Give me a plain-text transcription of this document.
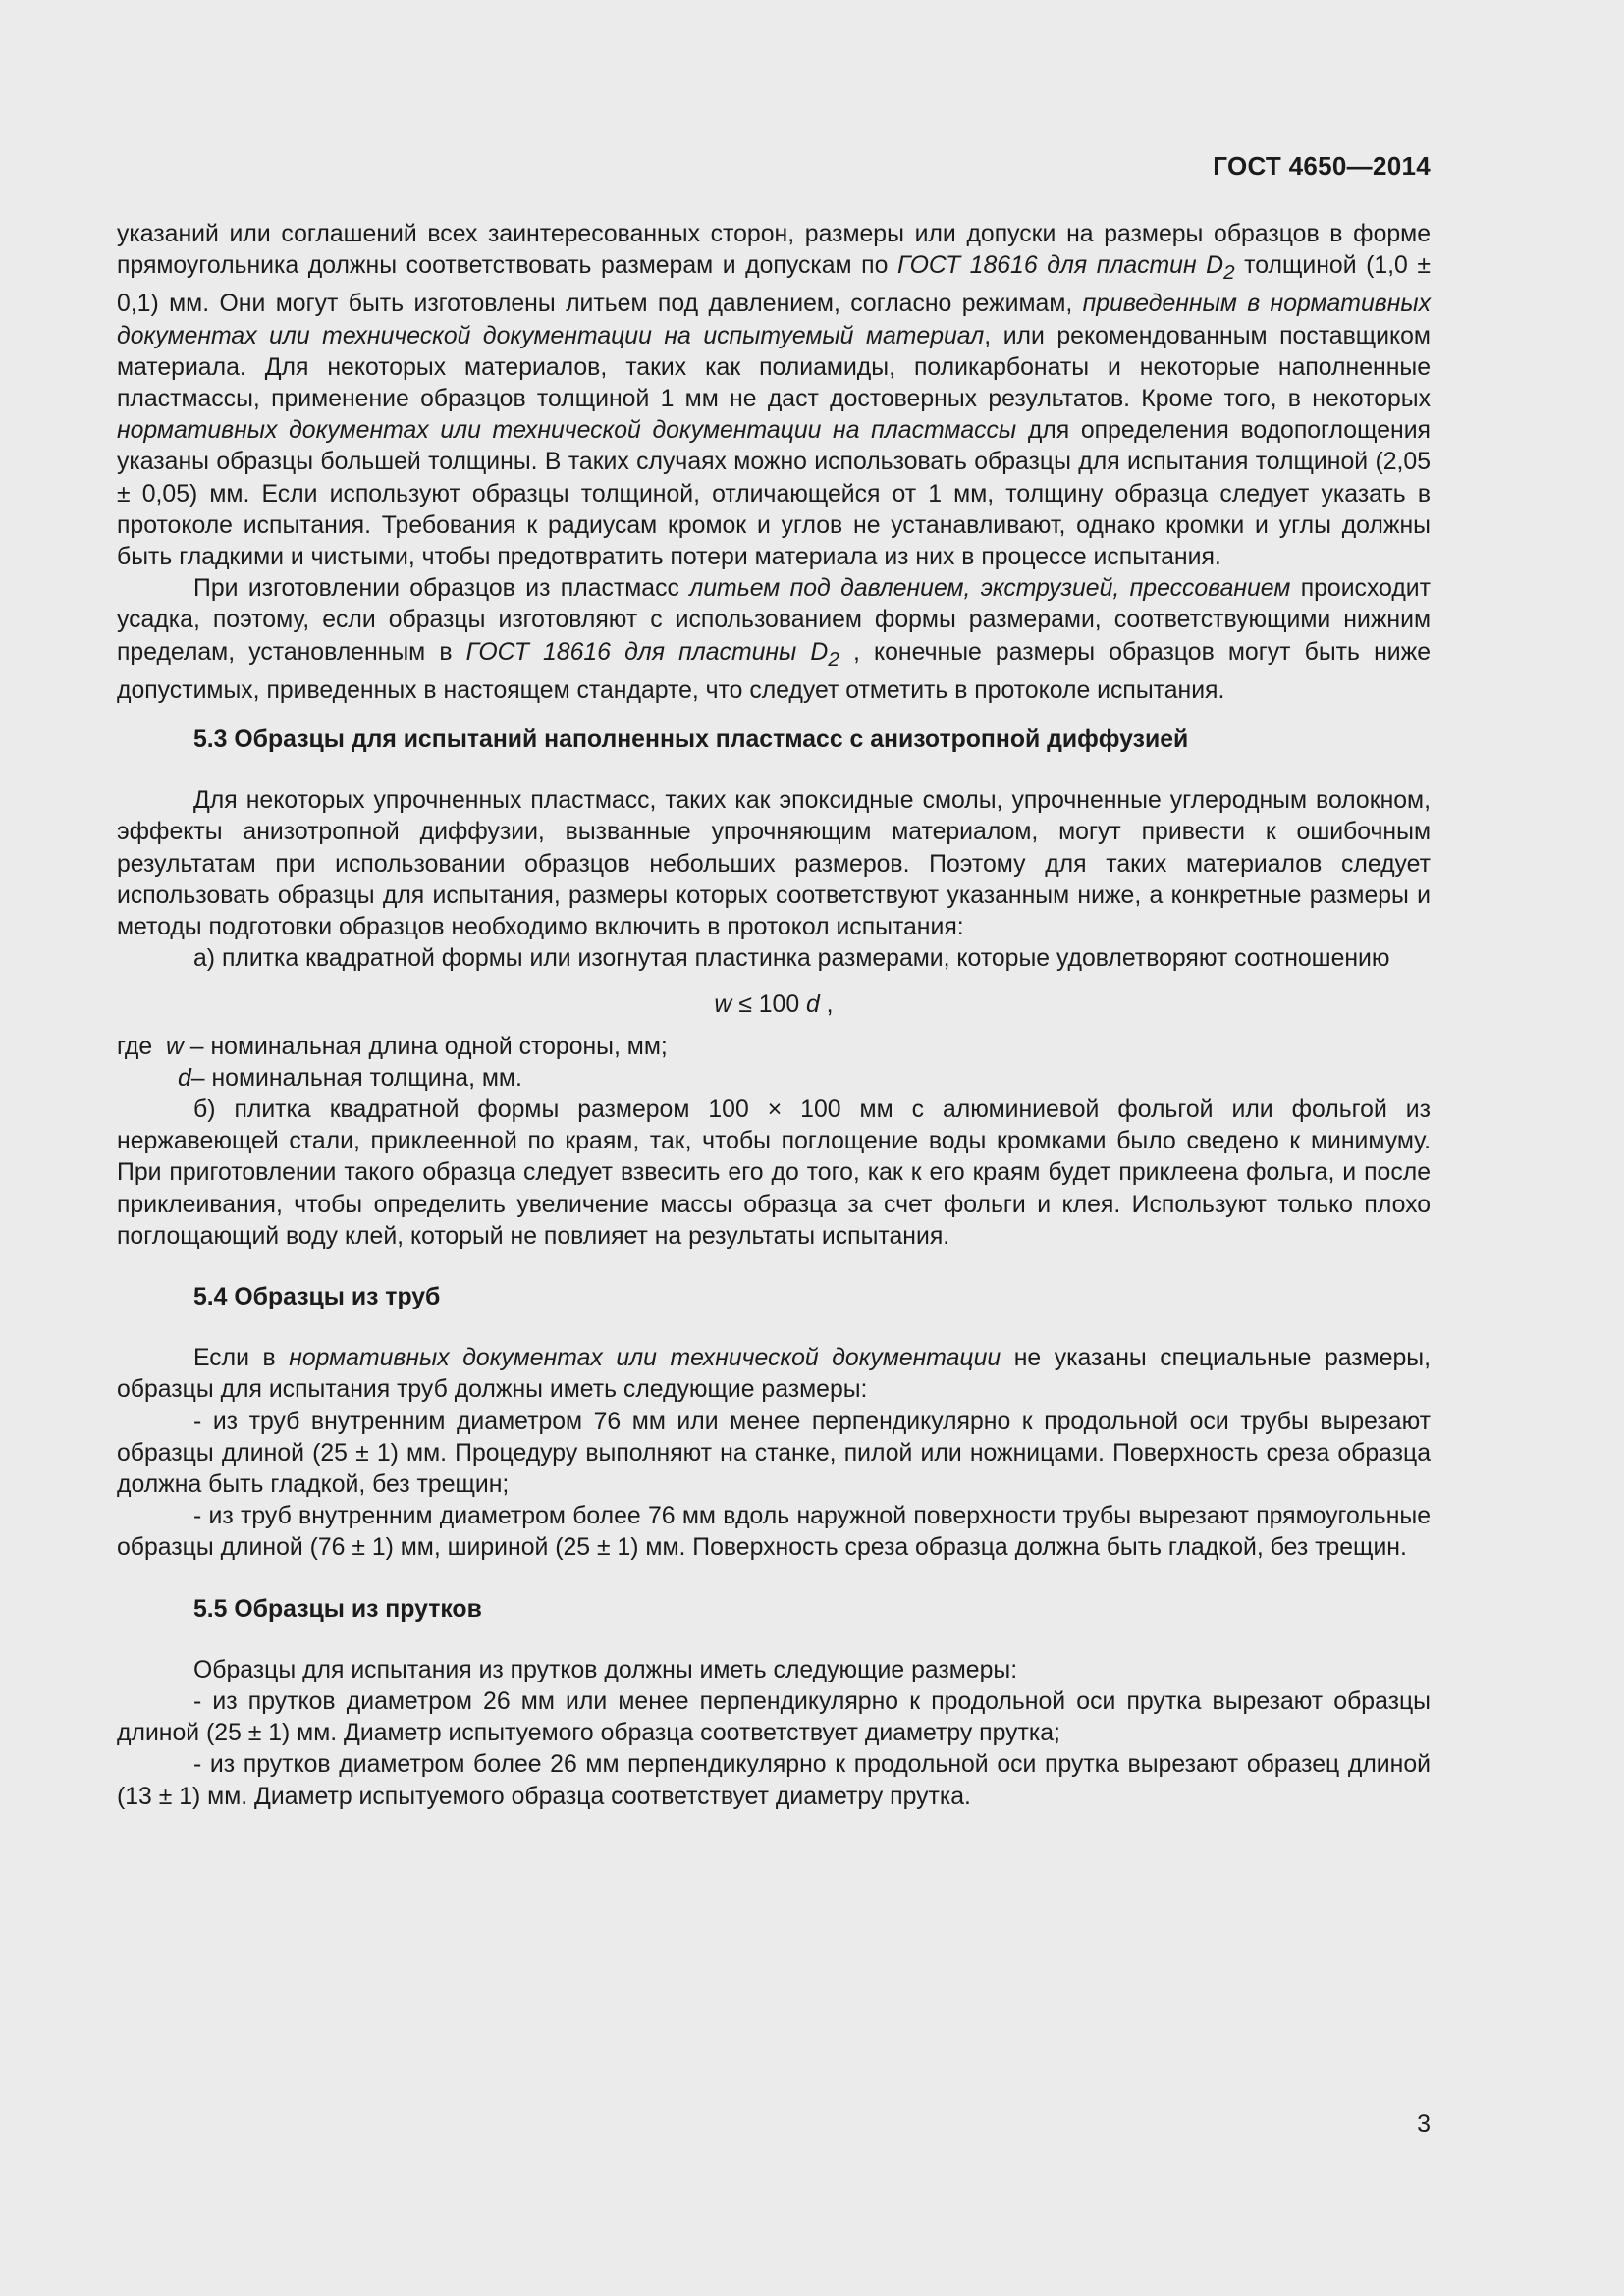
ГОСТ 4650—2014

указаний или соглашений всех заинтересованных сторон, размеры или допуски на размеры образцов в форме прямоугольника должны соответствовать размерам и допускам по ГОСТ 18616 для пластин $D_2$ толщиной (1,0 ± 0,1) мм. Они могут быть изготовлены литьем под давлением, согласно режимам, приведенным в нормативных документах или технической документации на испытуемый материал, или рекомендованным поставщиком материала. Для некоторых материалов, таких как полиамиды, поликарбонаты и некоторые наполненные пластмассы, применение образцов толщиной 1 мм не даст достоверных результатов. Кроме того, в некоторых нормативных документах или технической документации на пластмассы для определения водопоглощения указаны образцы большей толщины. В таких случаях можно использовать образцы для испытания толщиной (2,05 ± 0,05) мм. Если используют образцы толщиной, отличающейся от 1 мм, толщину образца следует указать в протоколе испытания. Требования к радиусам кромок и углов не устанавливают, однако кромки и углы должны быть гладкими и чистыми, чтобы предотвратить потери материала из них в процессе испытания.

При изготовлении образцов из пластмасс литьем под давлением, экструзией, прессованием происходит усадка, поэтому, если образцы изготовляют с использованием формы размерами, соответствующими нижним пределам, установленным в ГОСТ 18616 для пластины $D_2$ , конечные размеры образцов могут быть ниже допустимых, приведенных в настоящем стандарте, что следует отметить в протоколе испытания.

5.3 Образцы для испытаний наполненных пластмасс с анизотропной диффузией

Для некоторых упрочненных пластмасс, таких как эпоксидные смолы, упрочненные углеродным волокном, эффекты анизотропной диффузии, вызванные упрочняющим материалом, могут привести к ошибочным результатам при использовании образцов небольших размеров. Поэтому для таких материалов следует использовать образцы для испытания, размеры которых соответствуют указанным ниже, а конкретные размеры и методы подготовки образцов необходимо включить в протокол испытания:

а) плитка квадратной формы или изогнутая пластинка размерами, которые удовлетворяют соотношению

w ≤ 100 d ,

где  w – номинальная длина одной стороны, мм;

d– номинальная толщина, мм.

б) плитка квадратной формы размером 100 × 100 мм с алюминиевой фольгой или фольгой из нержавеющей стали, приклеенной по краям, так, чтобы поглощение воды кромками было сведено к минимуму. При приготовлении такого образца следует взвесить его до того, как к его краям будет приклеена фольга, и после приклеивания, чтобы определить увеличение массы образца за счет фольги и клея. Используют только плохо поглощающий воду клей, который не повлияет на результаты испытания.

5.4 Образцы из труб

Если в нормативных документах или технической документации не указаны специальные размеры, образцы для испытания труб должны иметь следующие размеры:

- из труб внутренним диаметром 76 мм или менее перпендикулярно к продольной оси трубы вырезают образцы длиной (25 ± 1) мм. Процедуру выполняют на станке, пилой или ножницами. Поверхность среза образца должна быть гладкой, без трещин;

- из труб внутренним диаметром более 76 мм вдоль наружной поверхности трубы вырезают прямоугольные образцы длиной (76 ± 1) мм, шириной (25 ± 1) мм. Поверхность среза образца должна быть гладкой, без трещин.

5.5 Образцы из прутков

Образцы для испытания из прутков должны иметь следующие размеры:

- из прутков диаметром 26 мм или менее перпендикулярно к продольной оси прутка вырезают образцы длиной (25 ± 1) мм. Диаметр испытуемого образца соответствует диаметру прутка;

- из прутков диаметром более 26 мм перпендикулярно к продольной оси прутка вырезают образец длиной (13 ± 1) мм. Диаметр испытуемого образца соответствует диаметру прутка.

3
